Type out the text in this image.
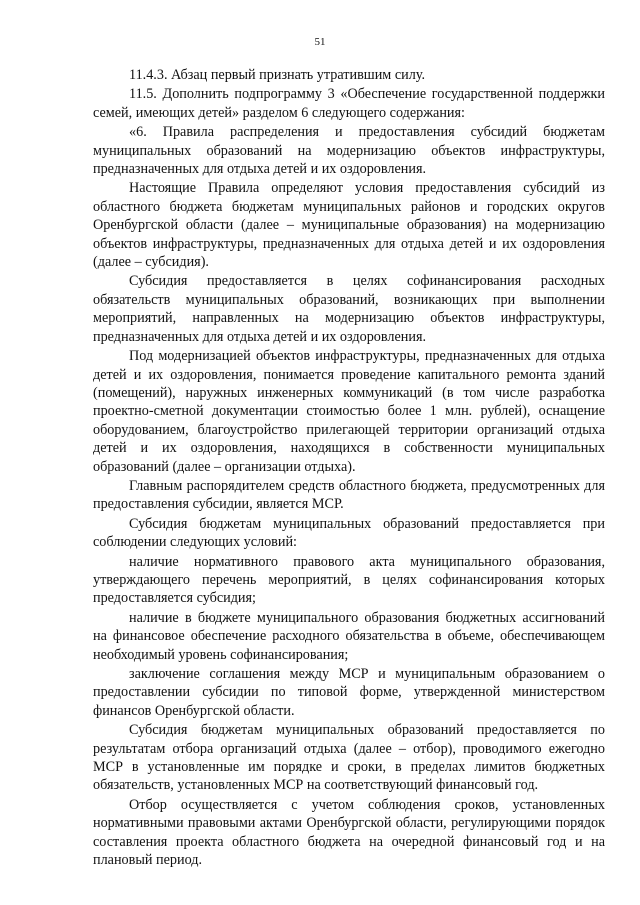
51

11.4.3. Абзац первый признать утратившим силу.

11.5. Дополнить подпрограмму 3 «Обеспечение государственной поддержки семей, имеющих детей» разделом 6 следующего содержания:

«6. Правила распределения и предоставления субсидий бюджетам муниципальных образований на модернизацию объектов инфраструктуры, предназначенных для отдыха детей и их оздоровления.

Настоящие Правила определяют условия предоставления субсидий из областного бюджета бюджетам муниципальных районов и городских округов Оренбургской области (далее – муниципальные образования) на модернизацию объектов инфраструктуры, предназначенных для отдыха детей и их оздоровления (далее – субсидия).

Субсидия предоставляется в целях софинансирования расходных обязательств муниципальных образований, возникающих при выполнении мероприятий, направленных на модернизацию объектов инфраструктуры, предназначенных для отдыха детей и их оздоровления.

Под модернизацией объектов инфраструктуры, предназначенных для отдыха детей и их оздоровления, понимается проведение капитального ремонта зданий (помещений), наружных инженерных коммуникаций (в том числе разработка проектно-сметной документации стоимостью более 1 млн. рублей), оснащение оборудованием, благоустройство прилегающей территории организаций отдыха детей и их оздоровления, находящихся в собственности муниципальных образований (далее – организации отдыха).

Главным распорядителем средств областного бюджета, предусмотренных для предоставления субсидии, является МСР.

Субсидия бюджетам муниципальных образований предоставляется при соблюдении следующих условий:

наличие нормативного правового акта муниципального образования, утверждающего перечень мероприятий, в целях софинансирования которых предоставляется субсидия;

наличие в бюджете муниципального образования бюджетных ассигнований на финансовое обеспечение расходного обязательства в объеме, обеспечивающем необходимый уровень софинансирования;

заключение соглашения между МСР и муниципальным образованием о предоставлении субсидии по типовой форме, утвержденной министерством финансов Оренбургской области.

Субсидия бюджетам муниципальных образований предоставляется по результатам отбора организаций отдыха (далее – отбор), проводимого ежегодно МСР в установленные им порядке и сроки, в пределах лимитов бюджетных обязательств, установленных МСР на соответствующий финансовый год.

Отбор осуществляется с учетом соблюдения сроков, установленных нормативными правовыми актами Оренбургской области, регулирующими порядок составления проекта областного бюджета на очередной финансовый год и на плановый период.
